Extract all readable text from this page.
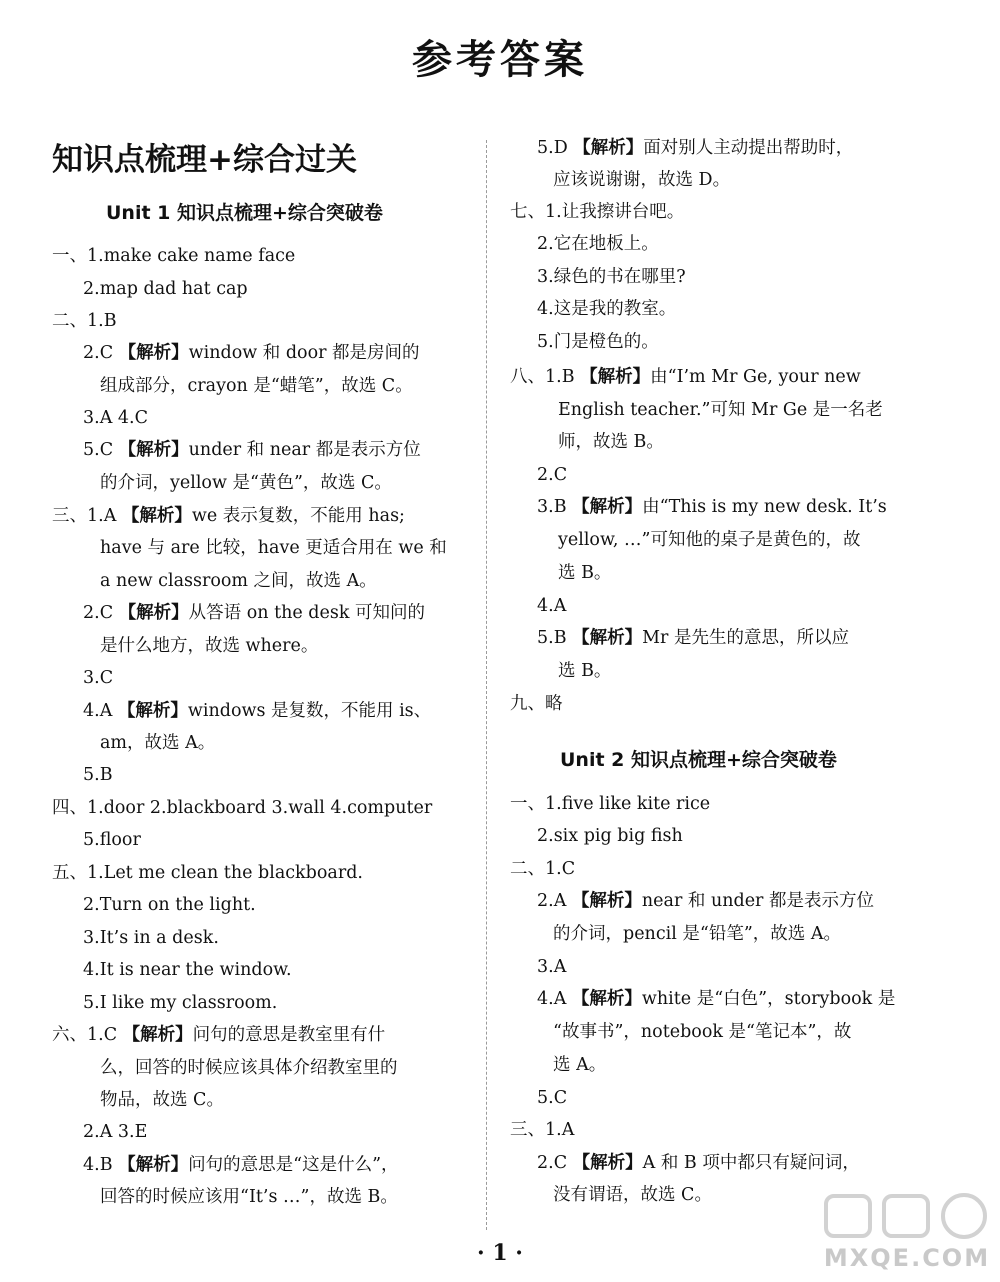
参考答案
知识点梳理+综合过关
Unit 1 知识点梳理+综合突破卷
一、1.make cake name face
2.map dad hat cap
二、1.B
2.C 【解析】window 和 door 都是房间的
组成部分，crayon 是“蜡笔”，故选 C。
3.A 4.C
5.C 【解析】under 和 near 都是表示方位
的介词，yellow 是“黄色”，故选 C。
三、1.A 【解析】we 表示复数，不能用 has;
have 与 are 比较，have 更适合用在 we 和
a new classroom 之间，故选 A。
2.C 【解析】从答语 on the desk 可知问的
是什么地方，故选 where。
3.C
4.A 【解析】windows 是复数，不能用 is、
am，故选 A。
5.B
四、1.door 2.blackboard 3.wall 4.computer
5.floor
五、1.Let me clean the blackboard.
2.Turn on the light.
3.It’s in a desk.
4.It is near the window.
5.I like my classroom.
六、1.C 【解析】问句的意思是教室里有什
么，回答的时候应该具体介绍教室里的
物品，故选 C。
2.A 3.E
4.B 【解析】问句的意思是“这是什么”，
回答的时候应该用“It’s …”，故选 B。
Unit 2 知识点梳理+综合突破卷
5.D 【解析】面对别人主动提出帮助时，
应该说谢谢，故选 D。
七、1.让我擦讲台吧。
2.它在地板上。
3.绿色的书在哪里?
4.这是我的教室。
5.门是橙色的。
八、1.B 【解析】由“I’m Mr Ge, your new
English teacher.”可知 Mr Ge 是一名老
师，故选 B。
2.C
3.B 【解析】由“This is my new desk. It’s
yellow, …”可知他的桌子是黄色的，故
选 B。
4.A
5.B 【解析】Mr 是先生的意思，所以应
选 B。
九、略
一、1.five like kite rice
2.six pig big fish
二、1.C
2.A 【解析】near 和 under 都是表示方位
的介词，pencil 是“铅笔”，故选 A。
3.A
4.A 【解析】white 是“白色”，storybook 是
“故事书”，notebook 是“笔记本”，故
选 A。
5.C
三、1.A
2.C 【解析】A 和 B 项中都只有疑问词，
没有谓语，故选 C。
· 1 ·	MXQE.COM
